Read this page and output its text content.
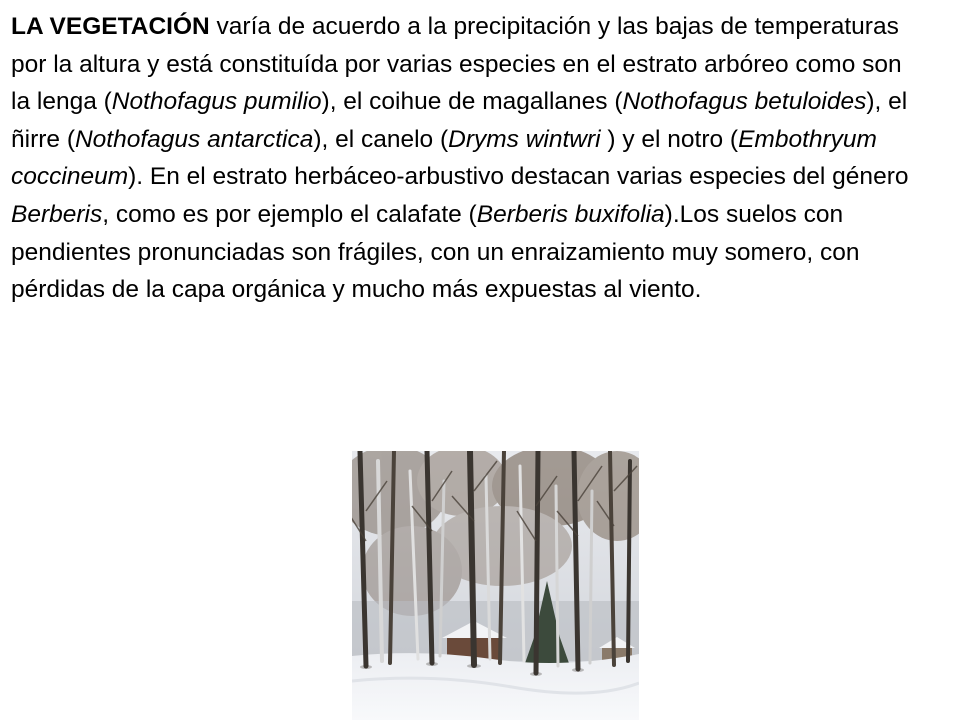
LA VEGETACIÓN varía de acuerdo a la precipitación y las bajas de temperaturas por la altura y está constituída por varias especies en el estrato arbóreo como son la lenga (Nothofagus pumilio), el coihue de magallanes (Nothofagus betuloides), el ñirre (Nothofagus antarctica), el canelo (Dryms wintwri ) y el notro (Embothryum coccineum). En el estrato herbáceo-arbustivo destacan varias especies del género Berberis, como es por ejemplo el calafate (Berberis buxifolia).Los suelos con pendientes pronunciadas son frágiles, con un enraizamiento muy somero, con pérdidas de la capa orgánica y mucho más expuestas al viento.
